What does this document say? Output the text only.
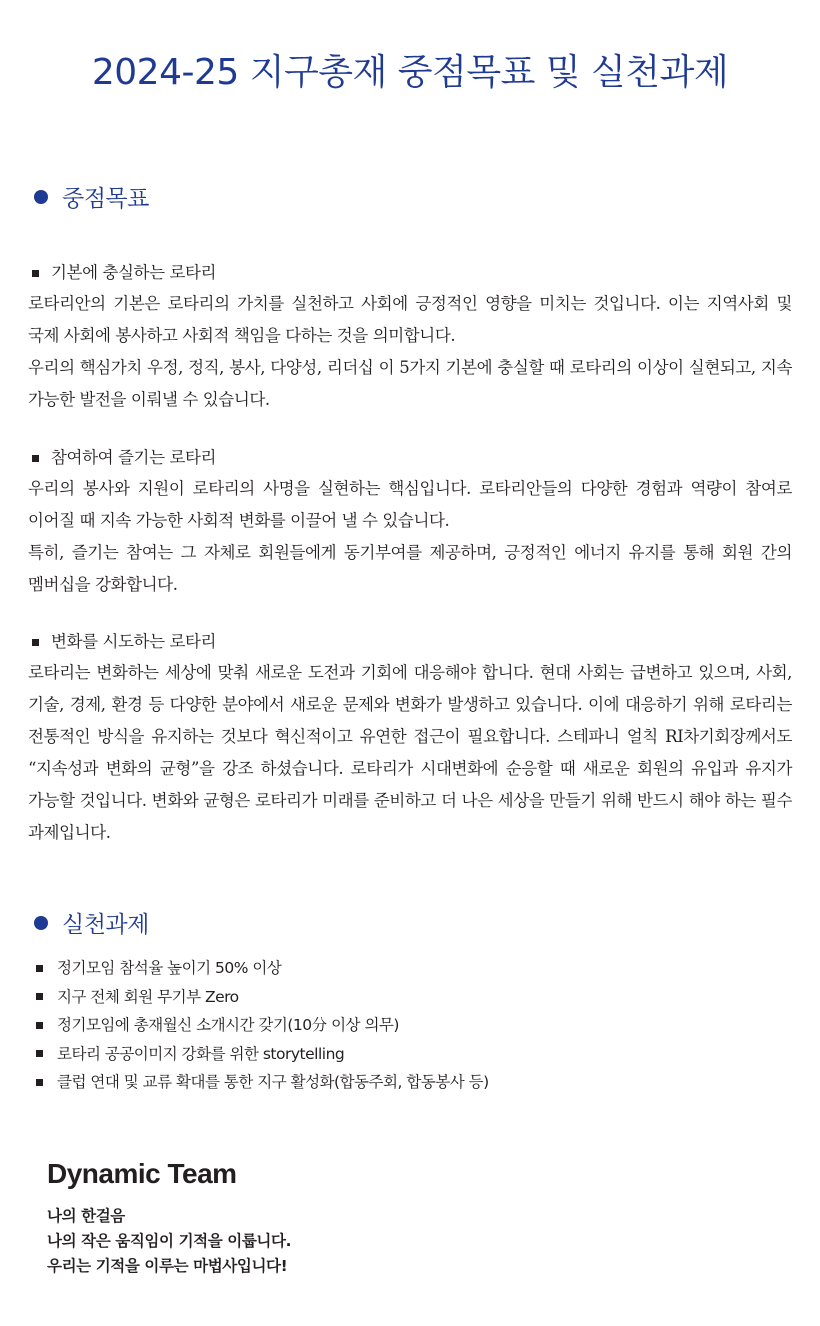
2024-25 지구총재 중점목표 및 실천과제
중점목표
기본에 충실하는 로타리

로타리안의 기본은 로타리의 가치를 실천하고 사회에 긍정적인 영향을 미치는 것입니다. 이는 지역사회 및 국제 사회에 봉사하고 사회적 책임을 다하는 것을 의미합니다.

우리의 핵심가치 우정, 정직, 봉사, 다양성, 리더십 이 5가지 기본에 충실할 때 로타리의 이상이 실현되고, 지속 가능한 발전을 이뤄낼 수 있습니다.

참여하여 즐기는 로타리

우리의 봉사와 지원이 로타리의 사명을 실현하는 핵심입니다. 로타리안들의 다양한 경험과 역량이 참여로 이어질 때 지속 가능한 사회적 변화를 이끌어 낼 수 있습니다.

특히, 즐기는 참여는 그 자체로 회원들에게 동기부여를 제공하며, 긍정적인 에너지 유지를 통해 회원 간의 멤버십을 강화합니다.

변화를 시도하는 로타리

로타리는 변화하는 세상에 맞춰 새로운 도전과 기회에 대응해야 합니다. 현대 사회는 급변하고 있으며, 사회, 기술, 경제, 환경 등 다양한 분야에서 새로운 문제와 변화가 발생하고 있습니다. 이에 대응하기 위해 로타리는 전통적인 방식을 유지하는 것보다 혁신적이고 유연한 접근이 필요합니다. 스테파니 얼칙 RI차기회장께서도 “지속성과 변화의 균형”을 강조 하셨습니다. 로타리가 시대변화에 순응할 때 새로운 회원의 유입과 유지가 가능할 것입니다. 변화와 균형은 로타리가 미래를 준비하고 더 나은 세상을 만들기 위해 반드시 해야 하는 필수 과제입니다.

실천과제
정기모임 참석율 높이기 50% 이상
지구 전체 회원 무기부 Zero
정기모임에 총재월신 소개시간 갖기(10分 이상 의무)
로타리 공공이미지 강화를 위한 storytelling
클럽 연대 및 교류 확대를 통한 지구 활성화(합동주회, 합동봉사 등)
Dynamic Team

나의 한걸음

나의 작은 움직임이 기적을 이룹니다.

우리는 기적을 이루는 마법사입니다!
